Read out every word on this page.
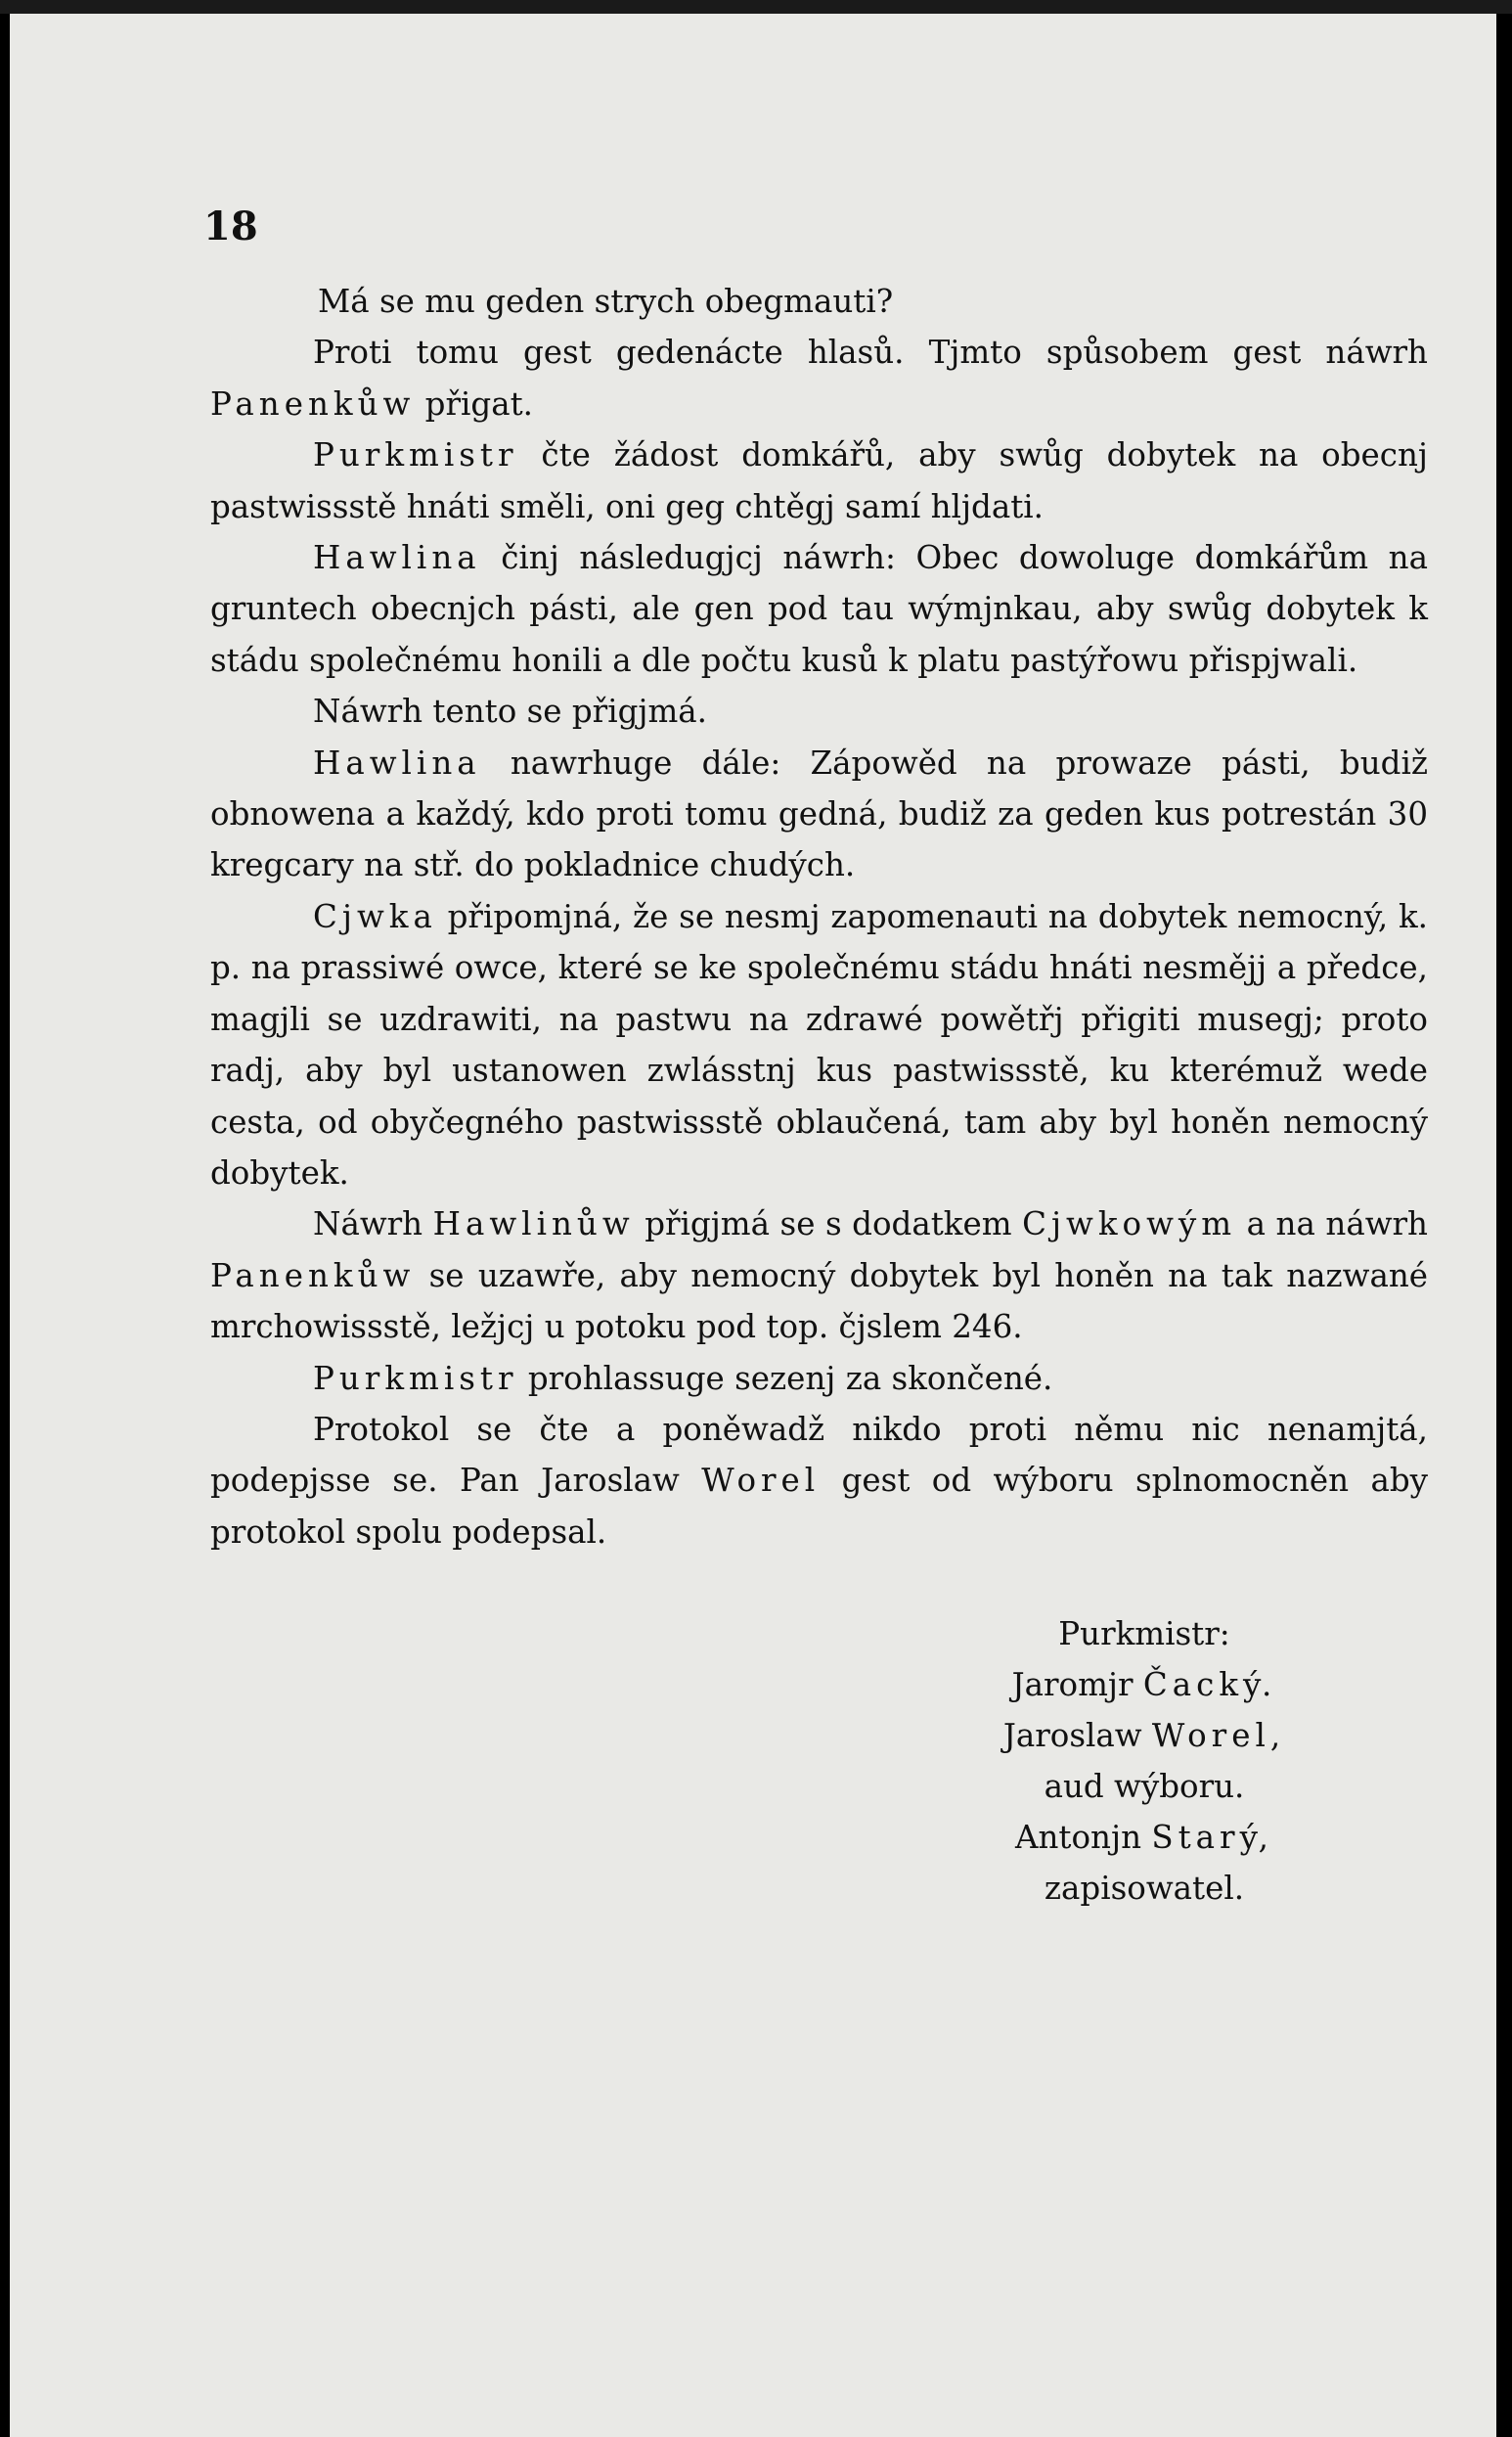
18

Má se mu geden strych obegmauti?

Proti tomu gest gedenácte hlasů. Tjmto spůsobem gest náwrh Panenkůw přigat.

Purkmistr čte žádost domkářů, aby swůg dobytek na obecnj pastwissstě hnáti směli, oni geg chtěgj samí hljdati.

Hawlina činj následugjcj náwrh: Obec dowoluge domkářům na gruntech obecnjch pásti, ale gen pod tau wýmjnkau, aby swůg dobytek k stádu společnému honili a dle počtu kusů k platu pastýřowu přispjwali.

Náwrh tento se přigjmá.

Hawlina nawrhuge dále: Zápowěd na prowaze pásti, budiž obnowena a každý, kdo proti tomu gedná, budiž za geden kus potrestán 30 kregcary na stř. do pokladnice chudých.

Cjwka připomjná, že se nesmj zapomenauti na dobytek nemocný, k. p. na prassiwé owce, které se ke společnému stádu hnáti nesmějj a předce, magjli se uzdrawiti, na pastwu na zdrawé powětřj přigiti musegj; proto radj, aby byl ustanowen zwlásstnj kus pastwissstě, ku kterémuž wede cesta, od obyčegného pastwissstě oblaučená, tam aby byl honěn nemocný dobytek.

Náwrh Hawlinůw přigjmá se s dodatkem Cjwkowým a na náwrh Panenkůw se uzawře, aby nemocný dobytek byl honěn na tak nazwané mrchowissstě, ležjcj u potoku pod top. čjslem 246.

Purkmistr prohlassuge sezenj za skončené.

Protokol se čte a poněwadž nikdo proti němu nic nenamjtá, podepjsse se. Pan Jaroslaw Worel gest od wýboru splnomocněn aby protokol spolu podepsal.

Purkmistr:
Jaromjr Čacký.
Jaroslaw Worel,
aud wýboru.
Antonjn Starý,
zapisowatel.
